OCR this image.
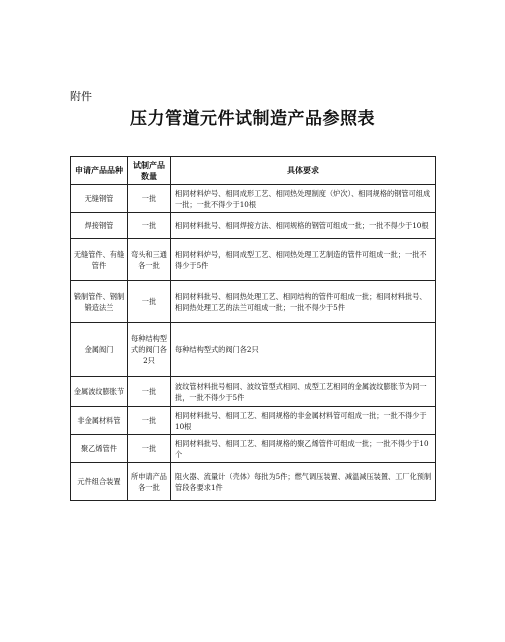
附件
压力管道元件试制造产品参照表
申请产品品种	试制产品数量	具体要求
无缝钢管	一批	相同材料炉号、相同成形工艺、相同热处理制度（炉次）、相同规格的钢管可组成一批；一批不得少于10根
焊接钢管	一批	相同材料批号、相同焊接方法、相同规格的钢管可组成一批；一批不得少于10根
无缝管件、有缝管件	弯头和三通各一批	相同材料炉号，相同成型工艺、相同热处理工艺制造的管件可组成一批；一批不得少于5件
锻制管件、钢制锻造法兰	一批	相同材料批号、相同热处理工艺、相同结构的管件可组成一批；相同材料批号、相同热处理工艺的法兰可组成一批；一批不得少于5件
金属阀门	每种结构型式的阀门各2只	每种结构型式的阀门各2只
金属波纹膨胀节	一批	波纹管材料批号相同、波纹管型式相同、成型工艺相同的金属波纹膨胀节为同一批，一批不得少于5件
非金属材料管	一批	相同材料批号、相同工艺、相同规格的非金属材料管可组成一批；一批不得少于10根
聚乙烯管件	一批	相同材料批号、相同工艺、相同规格的聚乙烯管件可组成一批；一批不得少于10个
元件组合装置	所申请产品各一批	阻火器、流量计（壳体）每批为5件；燃气调压装置、减温减压装置、工厂化预制管段各要求1件
